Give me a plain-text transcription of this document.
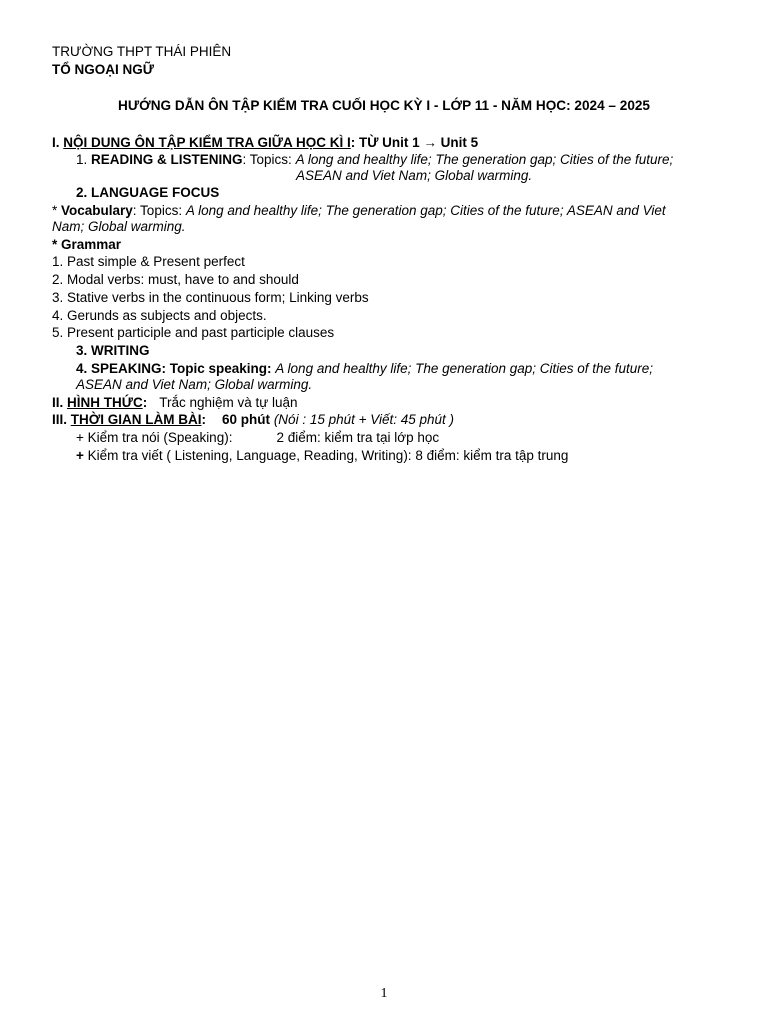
TRƯỜNG THPT THÁI PHIÊN
TỔ NGOẠI NGỮ
HƯỚNG DẪN ÔN TẬP KIỂM TRA CUỐI HỌC KỲ I - LỚP 11 - NĂM HỌC: 2024 – 2025
I. NỘI DUNG ÔN TẬP KIỂM TRA GIỮA HỌC KÌ I: TỪ Unit 1 → Unit 5
1. READING & LISTENING: Topics: A long and healthy life; The generation gap; Cities of the future;
ASEAN and Viet Nam; Global warming.
2. LANGUAGE FOCUS
* Vocabulary: Topics: A long and healthy life; The generation gap; Cities of the future; ASEAN and Viet
Nam; Global warming.
* Grammar
1. Past simple & Present perfect
2. Modal verbs: must, have to and should
3. Stative verbs in the continuous form; Linking verbs
4. Gerunds as subjects and objects.
5. Present participle and past participle clauses
3. WRITING
4. SPEAKING: Topic speaking: A long and healthy life; The generation gap; Cities of the future;
ASEAN and Viet Nam; Global warming.
II. HÌNH THỨC: Trắc nghiệm và tự luận
III. THỜI GIAN LÀM BÀI: 60 phút (Nói : 15 phút + Viết: 45 phút )
+ Kiểm tra nói (Speaking):	2 điểm: kiểm tra tại lớp học
+ Kiểm tra viết ( Listening, Language, Reading, Writing): 8 điểm: kiểm tra tập trung
1
